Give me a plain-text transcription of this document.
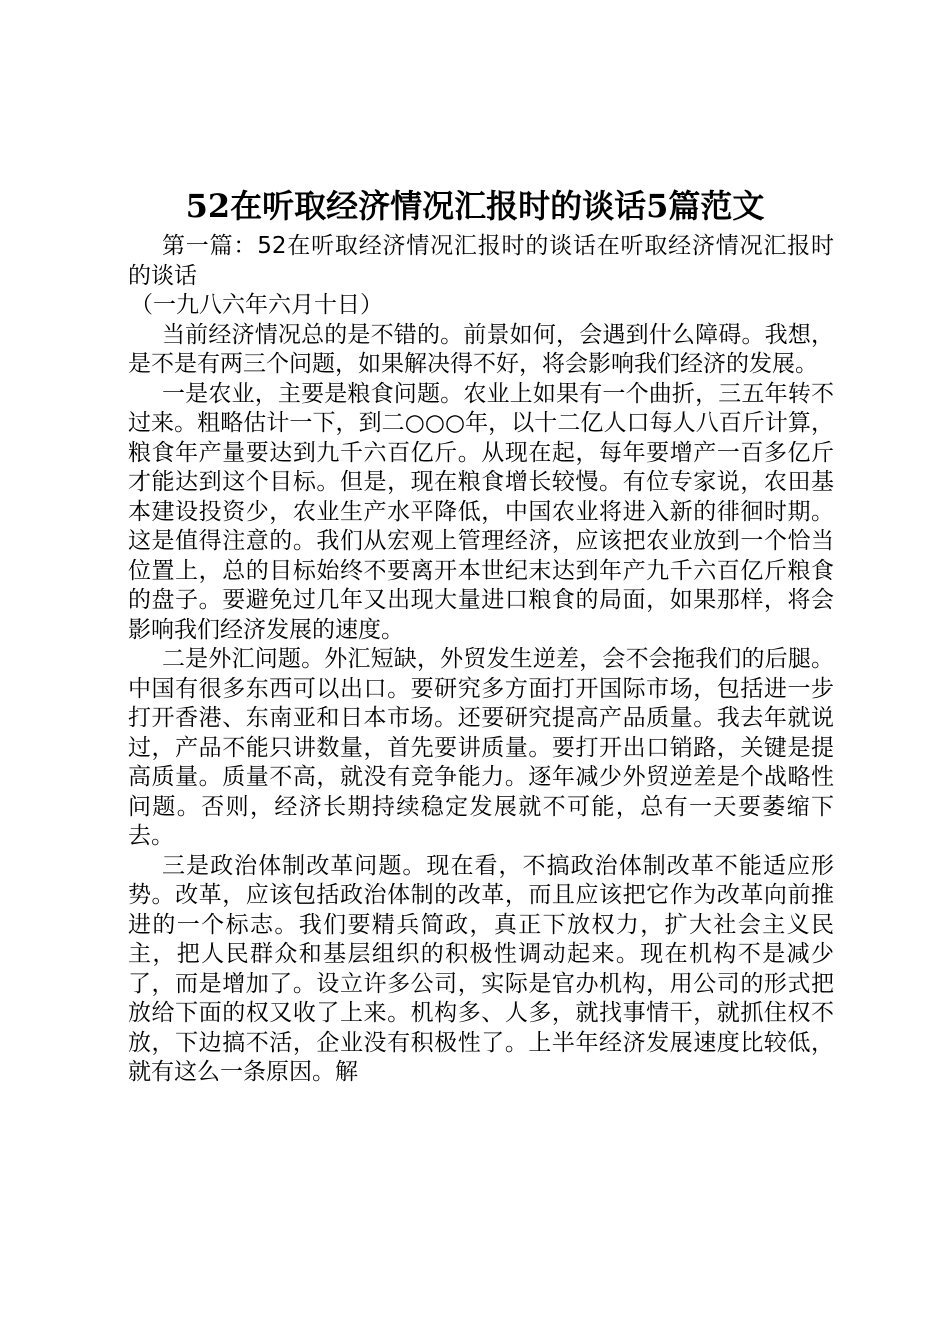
52在听取经济情况汇报时的谈话5篇范文

第一篇：52在听取经济情况汇报时的谈话在听取经济情况汇报时的谈话

（一九八六年六月十日）

当前经济情况总的是不错的。前景如何，会遇到什么障碍。我想，是不是有两三个问题，如果解决得不好，将会影响我们经济的发展。

一是农业，主要是粮食问题。农业上如果有一个曲折，三五年转不过来。粗略估计一下，到二○○○年，以十二亿人口每人八百斤计算，粮食年产量要达到九千六百亿斤。从现在起，每年要增产一百多亿斤才能达到这个目标。但是，现在粮食增长较慢。有位专家说，农田基本建设投资少，农业生产水平降低，中国农业将进入新的徘徊时期。这是值得注意的。我们从宏观上管理经济，应该把农业放到一个恰当位置上，总的目标始终不要离开本世纪末达到年产九千六百亿斤粮食的盘子。要避免过几年又出现大量进口粮食的局面，如果那样，将会影响我们经济发展的速度。

二是外汇问题。外汇短缺，外贸发生逆差，会不会拖我们的后腿。中国有很多东西可以出口。要研究多方面打开国际市场，包括进一步打开香港、东南亚和日本市场。还要研究提高产品质量。我去年就说过，产品不能只讲数量，首先要讲质量。要打开出口销路，关键是提高质量。质量不高，就没有竞争能力。逐年减少外贸逆差是个战略性问题。否则，经济长期持续稳定发展就不可能，总有一天要萎缩下去。

三是政治体制改革问题。现在看，不搞政治体制改革不能适应形势。改革，应该包括政治体制的改革，而且应该把它作为改革向前推进的一个标志。我们要精兵简政，真正下放权力，扩大社会主义民主，把人民群众和基层组织的积极性调动起来。现在机构不是减少了，而是增加了。设立许多公司，实际是官办机构，用公司的形式把放给下面的权又收了上来。机构多、人多，就找事情干，就抓住权不放，下边搞不活，企业没有积极性了。上半年经济发展速度比较低，就有这么一条原因。解
